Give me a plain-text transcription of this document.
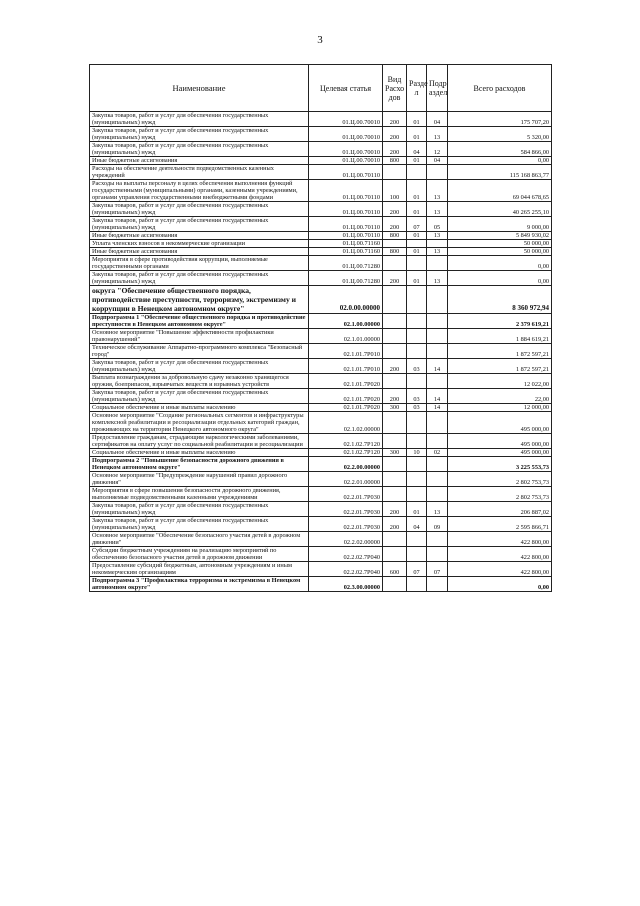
3
Наименование	Целевая статья	Вид Расхо дов	Разде л	Подр аздел	Всего расходов
Закупка товаров, работ и услуг для обеспечения государственных (муниципальных) нужд	01.Ц.00.70010	200	01	04	175 707,20
Закупка товаров, работ и услуг для обеспечения государственных (муниципальных) нужд	01.Ц.00.70010	200	01	13	5 320,00
Закупка товаров, работ и услуг для обеспечения государственных (муниципальных) нужд	01.Ц.00.70010	200	04	12	584 866,00
Иные бюджетные ассигнования	01.Ц.00.70010	800	01	04	0,00
Расходы на обеспечение деятельности подведомственных казенных учреждений	01.Ц.00.70110				115 168 863,77
Расходы на выплаты персоналу в целях обеспечения выполнения функций государственными (муниципальными) органами, казенными учреждениями, органами управления государственными внебюджетными фондами	01.Ц.00.70110	100	01	13	69 044 678,65
Закупка товаров, работ и услуг для обеспечения государственных (муниципальных) нужд	01.Ц.00.70110	200	01	13	40 265 255,10
Закупка товаров, работ и услуг для обеспечения государственных (муниципальных) нужд	01.Ц.00.70110	200	07	05	9 000,00
Иные бюджетные ассигнования	01.Ц.00.70110	800	01	13	5 849 930,02
Уплата членских взносов в некоммерческие организации	01.Ц.00.71160				50 000,00
Иные бюджетные ассигнования	01.Ц.00.71160	800	01	13	50 000,00
Мероприятия в сфере противодействия коррупции, выполняемые государственными органами	01.Ц.00.71280				0,00
Закупка товаров, работ и услуг для обеспечения государственных (муниципальных) нужд	01.Ц.00.71280	200	01	13	0,00
округа "Обеспечение общественного порядка, противодействие преступности, терроризму, экстремизму и коррупции в Ненецком автономном округе"	02.0.00.00000				8 360 972,94
Подпрограмма 1 "Обеспечение общественного порядка и противодействие преступности в Ненецком автономном округе"	02.1.00.00000				2 379 619,21
Основное мероприятие "Повышение эффективности профилактики правонарушений"	02.1.01.00000				1 884 619,21
Техническое обслуживание Аппаратно-программного комплекса "Безопасный город"	02.1.01.7Р010				1 872 597,21
Закупка товаров, работ и услуг для обеспечения государственных (муниципальных) нужд	02.1.01.7Р010	200	03	14	1 872 597,21
Выплата вознаграждения за добровольную сдачу незаконно хранящегося оружия, боеприпасов, взрывчатых веществ и взрывных устройств	02.1.01.7Р020				12 022,00
Закупка товаров, работ и услуг для обеспечения государственных (муниципальных) нужд	02.1.01.7Р020	200	03	14	22,00
Социальное обеспечение и иные выплаты населению	02.1.01.7Р020	300	03	14	12 000,00
Основное мероприятие "Создание региональных сегментов и инфраструктуры комплексной реабилитации и ресоциализации отдельных категорий граждан, проживающих на территории Ненецкого автономного округа"	02.1.02.00000				495 000,00
Предоставление гражданам, страдающим наркологическими заболеваниями, сертификатов на оплату услуг по социальной реабилитации и ресоциализации	02.1.02.7Р120				495 000,00
Социальное обеспечение и иные выплаты населению	02.1.02.7Р120	300	10	02	495 000,00
Подпрограмма 2 "Повышение безопасности дорожного движения в Ненецком автономном округе"	02.2.00.00000				3 225 553,73
Основное мероприятие "Предупреждение нарушений правил дорожного движения"	02.2.01.00000				2 802 753,73
Мероприятия в сфере повышения безопасности дорожного движения, выполняемые подведомственными казенными учреждениями	02.2.01.7Р030				2 802 753,73
Закупка товаров, работ и услуг для обеспечения государственных (муниципальных) нужд	02.2.01.7Р030	200	01	13	206 887,02
Закупка товаров, работ и услуг для обеспечения государственных (муниципальных) нужд	02.2.01.7Р030	200	04	09	2 595 866,71
Основное мероприятие "Обеспечение безопасного участия детей в дорожном движении"	02.2.02.00000				422 800,00
Субсидии бюджетным учреждениям на реализацию мероприятий по обеспечению безопасного участия детей в дорожном движении	02.2.02.7Р040				422 800,00
Предоставление субсидий бюджетным, автономным учреждениям и иным некоммерческим организациям	02.2.02.7Р040	600	07	07	422 800,00
Подпрограмма 3 "Профилактика терроризма и экстремизма в Ненецком автономном округе"	02.3.00.00000				0,00
